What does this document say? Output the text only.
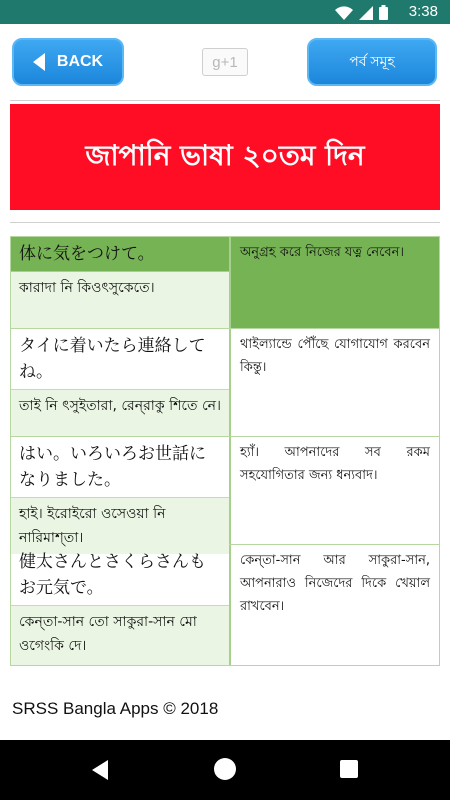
3:38
BACK	g+1	পর্ব সমূহ
জাপানি ভাষা ২০তম দিন
体に気をつけて。
কারাদা নি কিওৎসুকেতে।
অনুগ্রহ করে নিজের যত্ন নেবেন।
タイに着いたら連絡してね。
তাই নি ৎসুইতারা, রেন্‌রাকু শিতে নে।
থাইল্যান্ডে পৌঁছে যোগাযোগ করবেন কিন্তু।
はい。いろいろお世話になりました。
হাই। ইরোইরো ওসেওয়া নি নারিমাশ্‌তা।
হ্যাঁ। আপনাদের সব রকম সহযোগিতার জন্য ধন্যবাদ।
健太さんとさくらさんもお元気で。
কেন্‌তা-সান তো সাকুরা-সান মো ওগেংকি দে।
কেন্‌তা-সান আর সাকুরা-সান, আপনারাও নিজেদের দিকে খেয়াল রাখবেন।
SRSS Bangla Apps © 2018
